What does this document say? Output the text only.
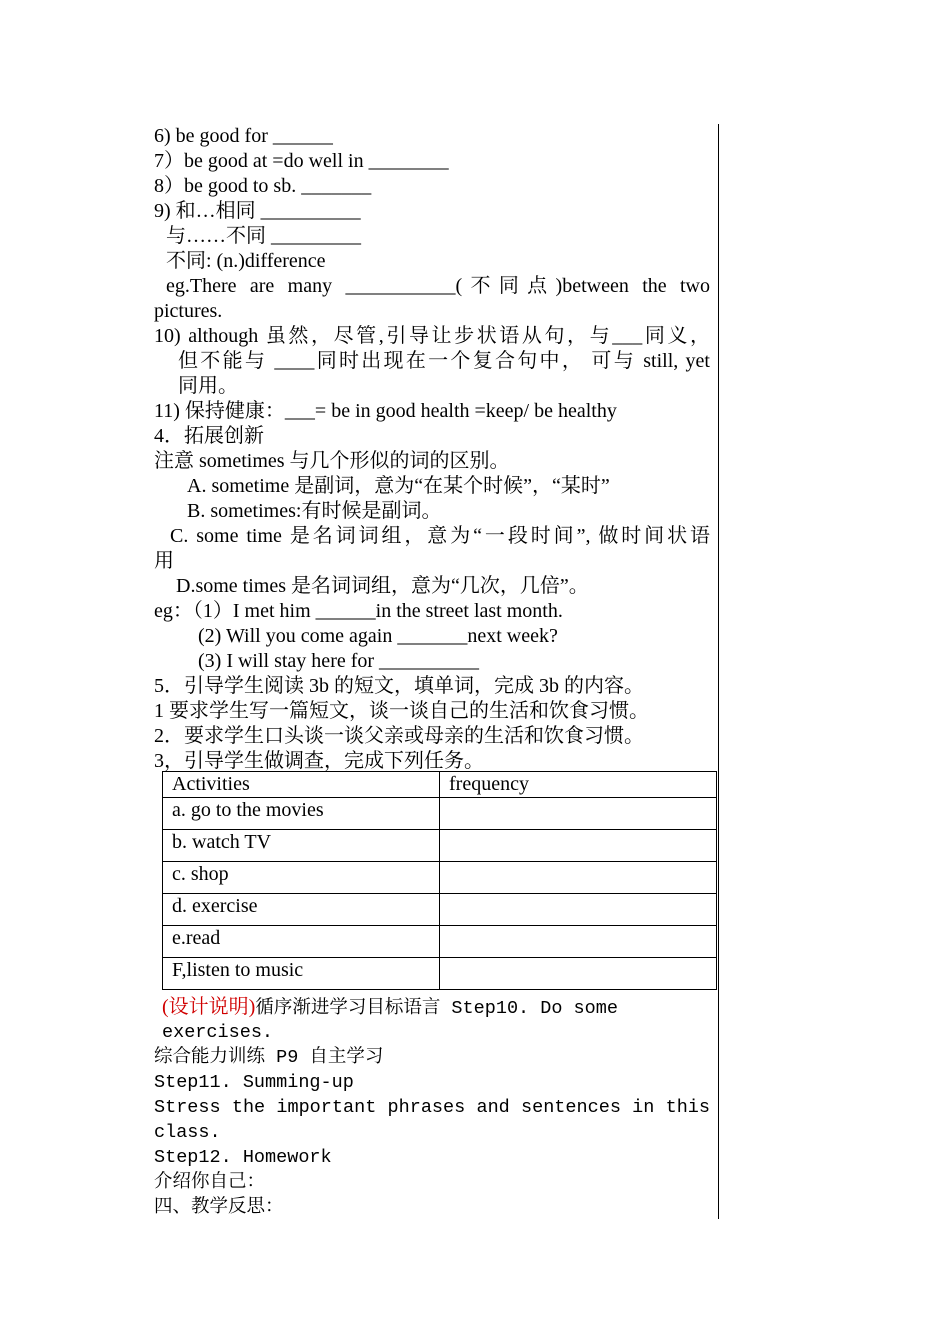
6) be good for ______
7）be good at =do well in ________
8）be good to sb. _______
9) 和…相同 __________
与……不同 _________
不同: (n.)difference
eg.There are many ___________(不同点)between the two
pictures.
10) although 虽然，尽管,引导让步状语从句，与___同义，
但不能与 ____同时出现在一个复合句中， 可与 still, yet
同用。
11) 保持健康：___= be in good health =keep/ be healthy
4．拓展创新
注意 sometimes 与几个形似的词的区别。
A. sometime 是副词，意为“在某个时候”，“某时”
B. sometimes:有时候是副词。
C. some time 是名词词组，意为“一段时间”, 做时间状语
用
D.some times 是名词词组，意为“几次，几倍”。
eg：（1）I met him ______in the street last month.
(2) Will you come again _______next week?
(3) I will stay here for __________
5．引导学生阅读 3b 的短文，填单词，完成 3b 的内容。
1 要求学生写一篇短文，谈一谈自己的生活和饮食习惯。
2．要求学生口头谈一谈父亲或母亲的生活和饮食习惯。
3，引导学生做调查，完成下列任务。
Activities	frequency
a. go to the movies	
b. watch TV	
c. shop	
d. exercise	
e.read	
F,listen to music	
(设计说明)循序渐进学习目标语言 Step10. Do some
exercises.
综合能力训练 P9 自主学习
Step11. Summing-up
Stress the important phrases and sentences in this
class.
Step12. Homework
介绍你自己：
四、教学反思：
